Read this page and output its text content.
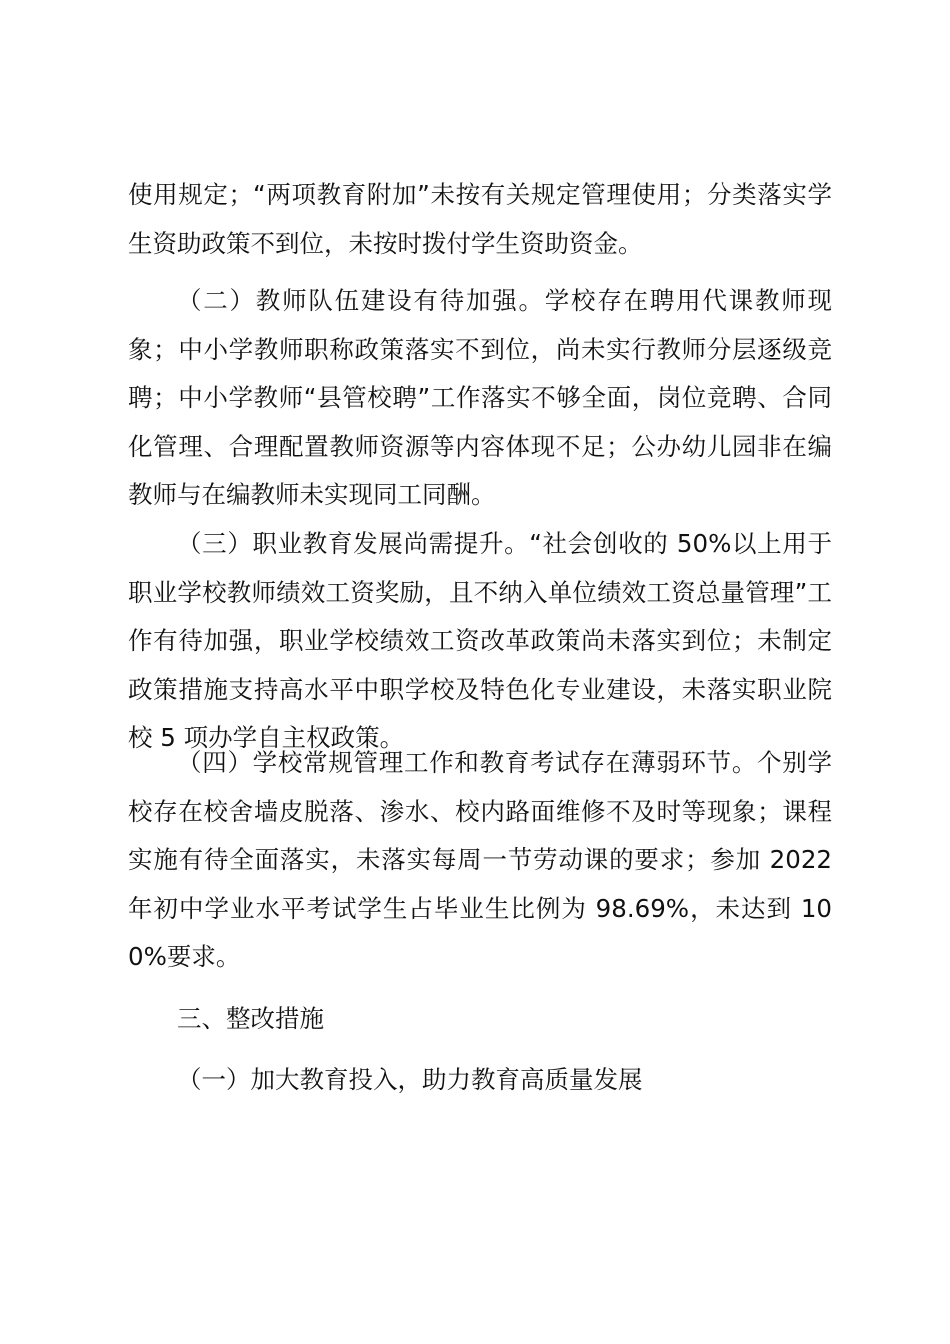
使用规定；“两项教育附加”未按有关规定管理使用；分类落实学生资助政策不到位，未按时拨付学生资助资金。

（二）教师队伍建设有待加强。学校存在聘用代课教师现象；中小学教师职称政策落实不到位，尚未实行教师分层逐级竞聘；中小学教师“县管校聘”工作落实不够全面，岗位竞聘、合同化管理、合理配置教师资源等内容体现不足；公办幼儿园非在编教师与在编教师未实现同工同酬。

（三）职业教育发展尚需提升。“社会创收的 50%以上用于职业学校教师绩效工资奖励，且不纳入单位绩效工资总量管理”工作有待加强，职业学校绩效工资改革政策尚未落实到位；未制定政策措施支持高水平中职学校及特色化专业建设，未落实职业院校 5 项办学自主权政策。

（四）学校常规管理工作和教育考试存在薄弱环节。个别学校存在校舍墙皮脱落、渗水、校内路面维修不及时等现象；课程实施有待全面落实，未落实每周一节劳动课的要求；参加 2022 年初中学业水平考试学生占毕业生比例为 98.69%，未达到 100%要求。

三、整改措施
（一）加大教育投入，助力教育高质量发展
